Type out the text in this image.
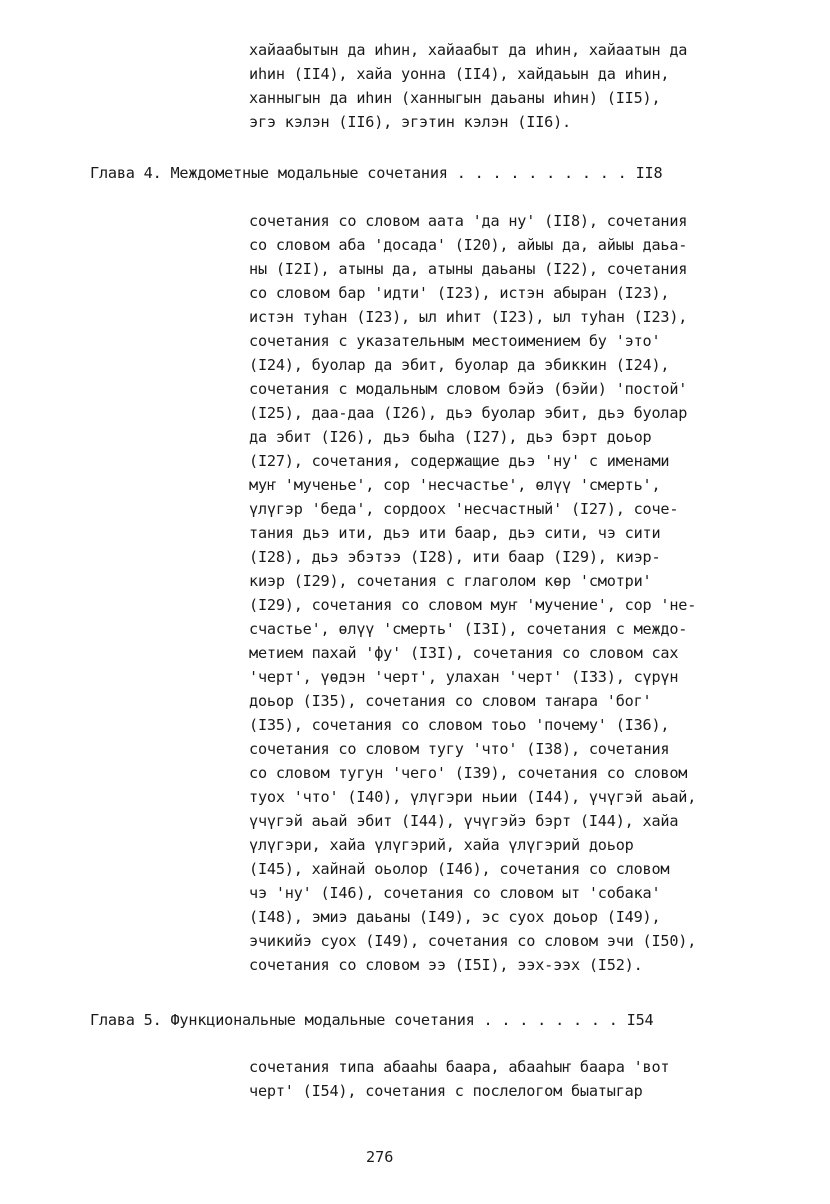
хайаабытын да иhин, хайаабыт да иhин, хайаатын да
иhин (II4), хайа уонна (II4), хайдаьын да иhин,
ханныгын да иhин (ханныгын даьаны иhин) (II5),
эгэ кэлэн (II6), эгэтин кэлэн (II6).
Глава 4. Междометные модальные сочетания . . . . . . . . . . II8
сочетания со словом аата 'да ну' (II8), сочетания
со словом аба 'досада' (I20), айыы да, айыы даьа-
ны (I2I), атыны да, атыны даьаны (I22), сочетания
со словом бар 'идти' (I23), истэн абыран (I23),
истэн туhан (I23), ыл иhит (I23), ыл туhан (I23),
сочетания с указательным местоимением бу 'это'
(I24), буолар да эбит, буолар да эбиккин (I24),
сочетания с модальным словом бэйэ (бэйи) 'постой'
(I25), даа-даа (I26), дьэ буолар эбит, дьэ буолар
да эбит (I26), дьэ быhа (I27), дьэ бэрт доьор
(I27), сочетания, содержащие дьэ 'ну' с именами
муҥ 'мученье', сор 'несчастье', өлүү 'смерть',
үлүгэр 'беда', сордоох 'несчастный' (I27), соче-
тания дьэ ити, дьэ ити баар, дьэ сити, чэ сити
(I28), дьэ эбэтээ (I28), ити баар (I29), киэр-
киэр (I29), сочетания с глаголом көр 'смотри'
(I29), сочетания со словом муҥ 'мучение', сор 'не-
счастье', өлүү 'смерть' (I3I), сочетания с междо-
метием пахай 'фу' (I3I), сочетания со словом сах
'черт', үөдэн 'черт', улахан 'черт' (I33), сүрүн
доьор (I35), сочетания со словом таҥара 'бог'
(I35), сочетания со словом тоьо 'почему' (I36),
сочетания со словом тугу 'что' (I38), сочетания
со словом тугун 'чего' (I39), сочетания со словом
туох 'что' (I40), үлүгэри ньии (I44), үчүгэй аьай,
үчүгэй аьай эбит (I44), үчүгэйэ бэрт (I44), хайа
үлүгэри, хайа үлүгэрий, хайа үлүгэрий доьор
(I45), хайнай оьолор (I46), сочетания со словом
чэ 'ну' (I46), сочетания со словом ыт 'собака'
(I48), эмиэ даьаны (I49), эс суох доьор (I49),
эчикийэ суох (I49), сочетания со словом эчи (I50),
сочетания со словом ээ (I5I), ээх-ээх (I52).
Глава 5. Функциональные модальные сочетания . . . . . . . . I54
сочетания типа абааhы баара, абааhыҥ баара 'вот
черт' (I54), сочетания с послелогом быатыгар
276
